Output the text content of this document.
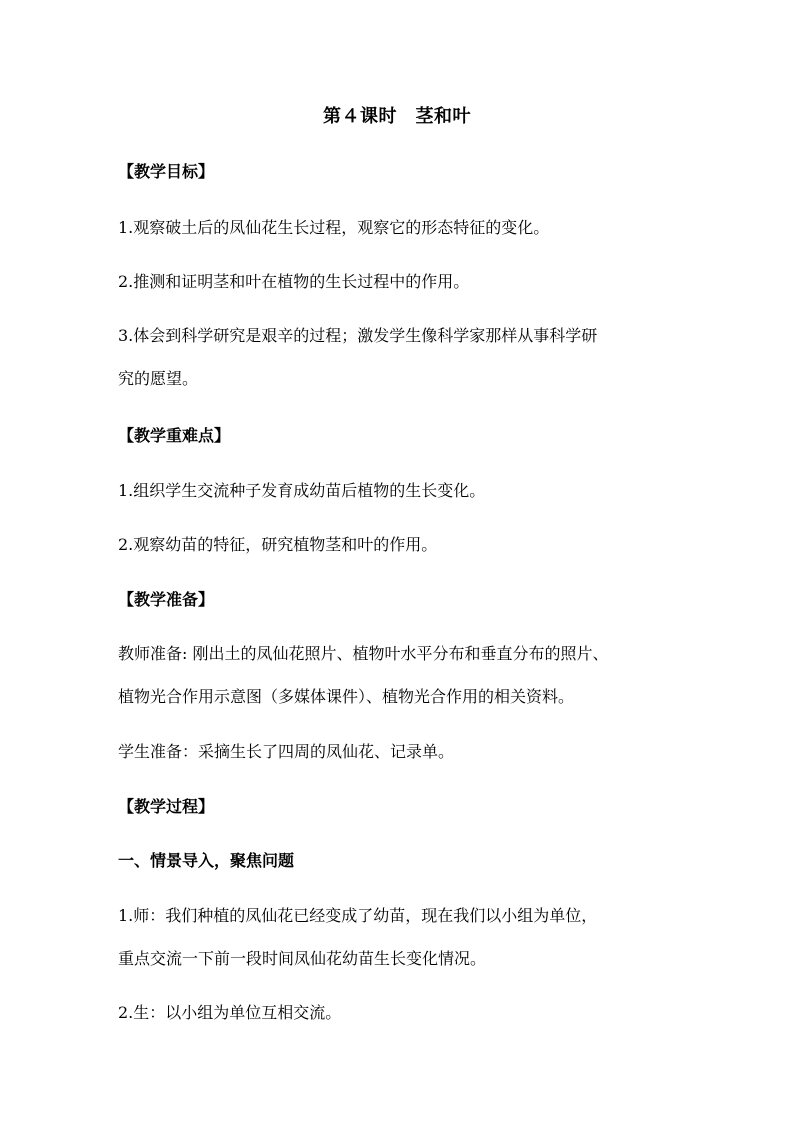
第４课时　茎和叶
【教学目标】
1.观察破土后的凤仙花生长过程，观察它的形态特征的变化。
2.推测和证明茎和叶在植物的生长过程中的作用。
3.体会到科学研究是艰辛的过程；激发学生像科学家那样从事科学研
究的愿望。
【教学重难点】
1.组织学生交流种子发育成幼苗后植物的生长变化。
2.观察幼苗的特征，研究植物茎和叶的作用。
【教学准备】
教师准备: 刚出土的凤仙花照片、植物叶水平分布和垂直分布的照片、
植物光合作用示意图（多媒体课件）、植物光合作用的相关资料。
学生准备：采摘生长了四周的凤仙花、记录单。
【教学过程】
一、情景导入，聚焦问题
1.师：我们种植的凤仙花已经变成了幼苗，现在我们以小组为单位，
重点交流一下前一段时间凤仙花幼苗生长变化情况。
2.生：以小组为单位互相交流。
